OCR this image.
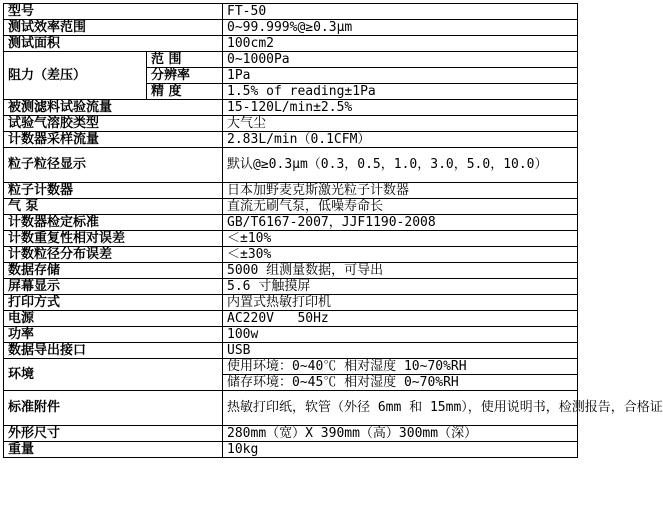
型号		FT-50
测试效率范围		0~99.999%@≥0.3μm
测试面积		100cm2
阻力（差压）	范 围	0~1000Pa
	分辨率	1Pa
	精 度	1.5% of reading±1Pa
被测滤料试验流量		15-120L/min±2.5%
试验气溶胶类型		大气尘
计数器采样流量		2.83L/min（0.1CFM）
粒子粒径显示		默认@≥0.3μm（0.3，0.5，1.0，3.0，5.0，10.0）
粒子计数器		日本加野麦克斯激光粒子计数器
气 泵		直流无刷气泵，低噪寿命长
计数器检定标准		GB/T6167-2007，JJF1190-2008
计数重复性相对误差		＜±10%
计数粒径分布误差		＜±30%
数据存储		5000 组测量数据，可导出
屏幕显示		5.6 寸触摸屏
打印方式		内置式热敏打印机
电源		AC220V   50Hz
功率		100w
数据导出接口		USB
环境		使用环境：0~40℃ 相对湿度 10~70%RH
		储存环境：0~45℃ 相对湿度 0~70%RH
标准附件		热敏打印纸，软管（外径 6mm 和 15mm），使用说明书，检测报告，合格证
外形尺寸		280mm（宽）X 390mm（高）300mm（深）
重量		10kg
